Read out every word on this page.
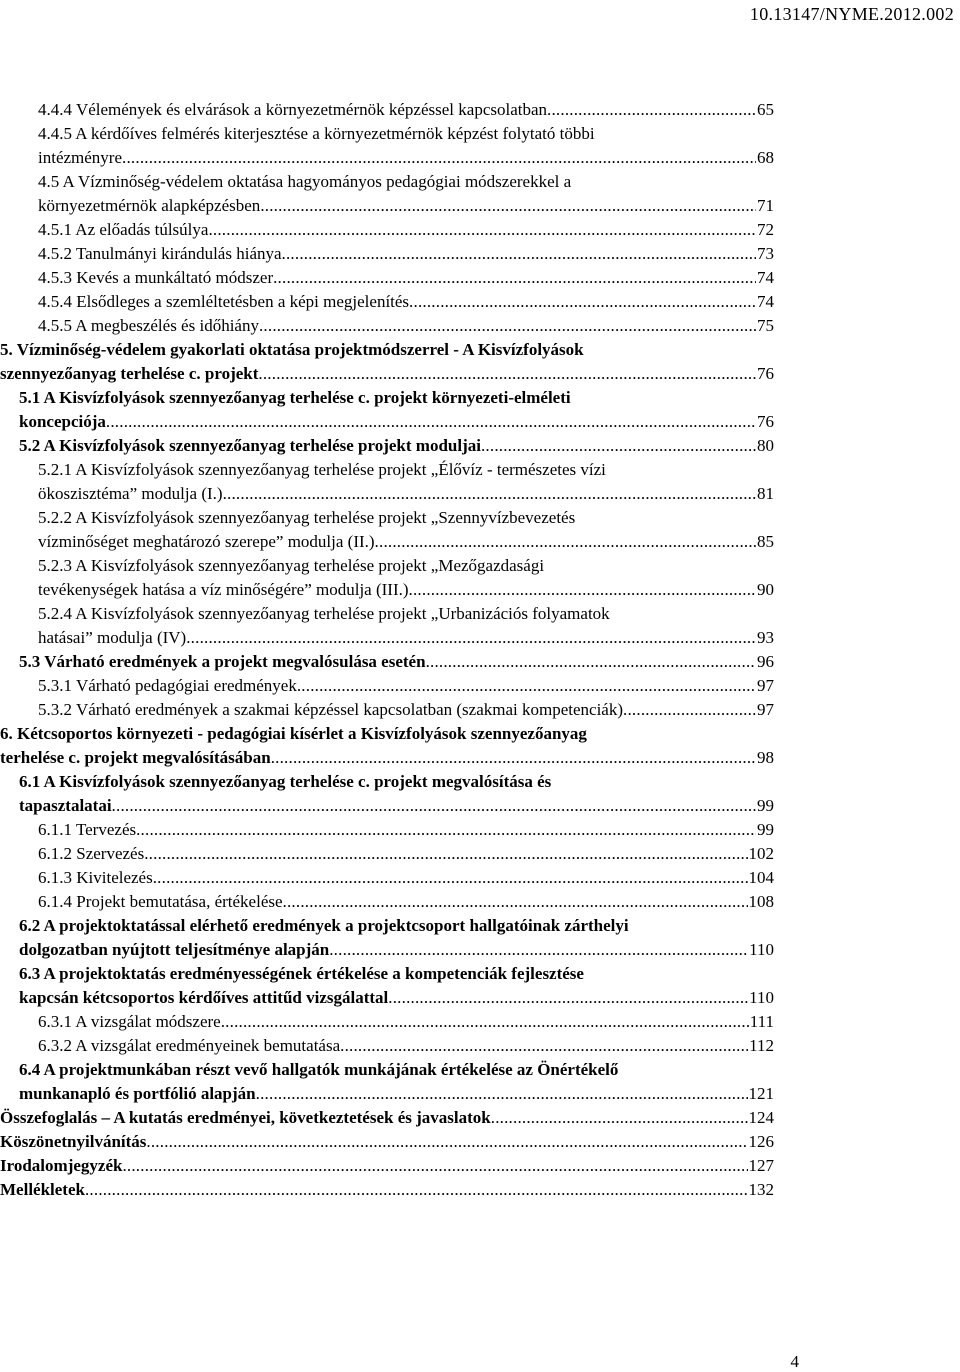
10.13147/NYME.2012.002
4.4.4 Vélemények és elvárások a környezetmérnök képzéssel kapcsolatban .....	65
4.4.5 A kérdőíves felmérés kiterjesztése a környezetmérnök képzést folytató többi
intézményre .....	68
4.5 A Vízminőség-védelem oktatása hagyományos pedagógiai módszerekkel a
környezetmérnök alapképzésben .....	71
4.5.1 Az előadás túlsúlya .....	72
4.5.2 Tanulmányi kirándulás hiánya .....	73
4.5.3 Kevés a munkáltató módszer .....	74
4.5.4 Elsődleges a szemléltetésben a képi megjelenítés .....	74
4.5.5 A megbeszélés és időhiány .....	75
5. Vízminőség-védelem gyakorlati oktatása projektmódszerrel - A Kisvízfolyások
szennyezőanyag terhelése c. projekt .....	76
5.1 A Kisvízfolyások szennyezőanyag terhelése c. projekt környezeti-elméleti
koncepciója .....	76
5.2 A Kisvízfolyások szennyezőanyag terhelése projekt moduljai .....	80
5.2.1 A Kisvízfolyások szennyezőanyag terhelése projekt „Élővíz - természetes vízi
ökoszisztéma” modulja (I.) .....	81
5.2.2 A Kisvízfolyások szennyezőanyag terhelése projekt „Szennyvízbevezetés
vízminőséget meghatározó szerepe” modulja (II.) .....	85
5.2.3 A Kisvízfolyások szennyezőanyag terhelése projekt „Mezőgazdasági
tevékenységek hatása a víz minőségére” modulja (III.) .....	90
5.2.4 A Kisvízfolyások szennyezőanyag terhelése projekt „Urbanizációs folyamatok
hatásai” modulja (IV) .....	93
5.3 Várható eredmények a projekt megvalósulása esetén .....	96
5.3.1 Várható pedagógiai eredmények .....	97
5.3.2 Várható eredmények a szakmai képzéssel kapcsolatban (szakmai kompetenciák) .....	97
6. Kétcsoportos környezeti - pedagógiai kísérlet a Kisvízfolyások szennyezőanyag
terhelése c. projekt megvalósításában .....	98
6.1 A Kisvízfolyások szennyezőanyag terhelése c. projekt megvalósítása és
tapasztalatai .....	99
6.1.1 Tervezés .....	99
6.1.2 Szervezés .....	102
6.1.3 Kivitelezés .....	104
6.1.4 Projekt bemutatása, értékelése .....	108
6.2 A projektoktatással elérhető eredmények a projektcsoport hallgatóinak zárthelyi
dolgozatban nyújtott teljesítménye alapján .....	110
6.3 A projektoktatás eredményességének értékelése a kompetenciák fejlesztése
kapcsán kétcsoportos kérdőíves attitűd vizsgálattal .....	110
6.3.1 A vizsgálat módszere .....	111
6.3.2 A vizsgálat eredményeinek bemutatása .....	112
6.4 A projektmunkában részt vevő hallgatók munkájának értékelése az Önértékelő
munkanapló és portfólió alapján .....	121
Összefoglalás – A kutatás eredményei, következtetések és javaslatok .....	124
Köszönetnyilvánítás .....	126
Irodalomjegyzék .....	127
Mellékletek .....	132
4
